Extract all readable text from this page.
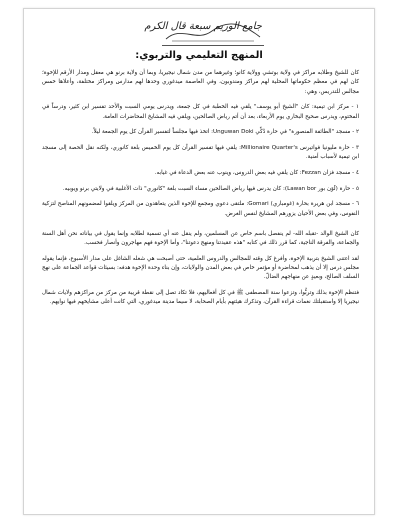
جامع الوريم سبعة قال الكرم
المنهج التعليمي والتربوي:

كان للشيخ وطلابه مراكز في ولاية بوتشي وولاية كانو؛ وغيرهما من مدن شمال نيجيريا، وبما أن ولاية برنو هي معقل ومدار الأرقم للإخوة؛ كان لهم في معظم حكوماتها المحلية لهم مراكز ومندوبون، وفي العاصمة ميدغوري وحدها لهم مدارس ومراكز مختلفة، وأعلاها خمس مجالس للتدريس، وهي:

١ - مركز ابن تيمية: كان "الشيخ أبو يوسف" يلقي فيه الخطبة في كل جمعة، ويدرس يومي السبت والأحد تفسير ابن كثير، ودرساً في المختوم، ويدرس صحيح البخاري يوم الأربعاء، بعد أن أتم رياض الصالحين، ويلقي فيه المشايخ المحاضرات العامة.

٢ - مسجد "الطائفة المنصورة" في حارة دُكِّي Unguwan Doki: اتخذ فيها مجلساً لتفسير القرآن كل يوم الجمعة ليلاً.

٣ - حارة مليونيا فواتيرس Millionaire Quarter's: يلقي فيها تفسير القرآن كل يوم الخميس بلغة كانوري، ولكنه نقل الحصة إلى مسجد ابن تيمية لأسباب أمنية.

٤ - مسجد فزان Fezzan: كان يلقي فيه بعض الدروس، وينوب عنه بعض الدعاة في غيابه.

٥ - حارة (لَوَن بور Lawan bor): كان يدرس فيها رياض الصالحين مساء السبت بلغة "كانوري" ذات الأغلبية في ولايتي برنو ويوبيه.

٦ - مسجد ابن هريرة بحارة (غومباري) Gomari: ملتقى دعوي ومجمع للإخوة الذين يتعاهدون من المركز ويلقوا لمضمونهم المناصح لتزكية النفوس، وفي بعض الأحيان يزورهم المشايخ لنفس الغرض.

كان الشيخ الوالد -تقبله الله- لم ينفصل باسم خاص عن المسلمين، ولم ينقل عنه أي تسمية لطلابه وإنما يقول في بياناته نحن أهل السنة والجماعة، والفرقة الناجية، كما قرر ذلك في كتابه "هذه عقيدتنا ومنهج دعوتنا"، وأما الإخوة فهم مهاجرون وأنصار فحسب.

لقد اعتنى الشيخ بتربية الإخوة، وأفرغ كل وقته للمجالس والدروس العلمية، حتى أصبحت هي شغله الشاغل على مدار الأسبوع، فإنما يقوله مجلس درس إلا أن يذهب لمحاضرة أو مؤتمر خاص في بعض المدن والولايات، وإن بناء وحدة الإخوة هدفه: بسيئات قواعد الجماعة على نهج السلف الصالح، وبعيدٍ عن منهاجهم الضالّ.

فتنظم الإخوة بذلك وتربُّوا، وتزعوا سنة المصطفى ﷺ في كل أفعاليهم، فلا تكاد تصل إلى نقطة قريبة من مركز من مراكزهم ولايات شمال نيجيريا إلا واستقبلتك نغمات قراءة القرآن، وتذكرك هيئتهم بأيام الصحابة، لا سيما مدينة ميدغوري، التي كانت أعلى مشايخهم فيها نوايهم.
